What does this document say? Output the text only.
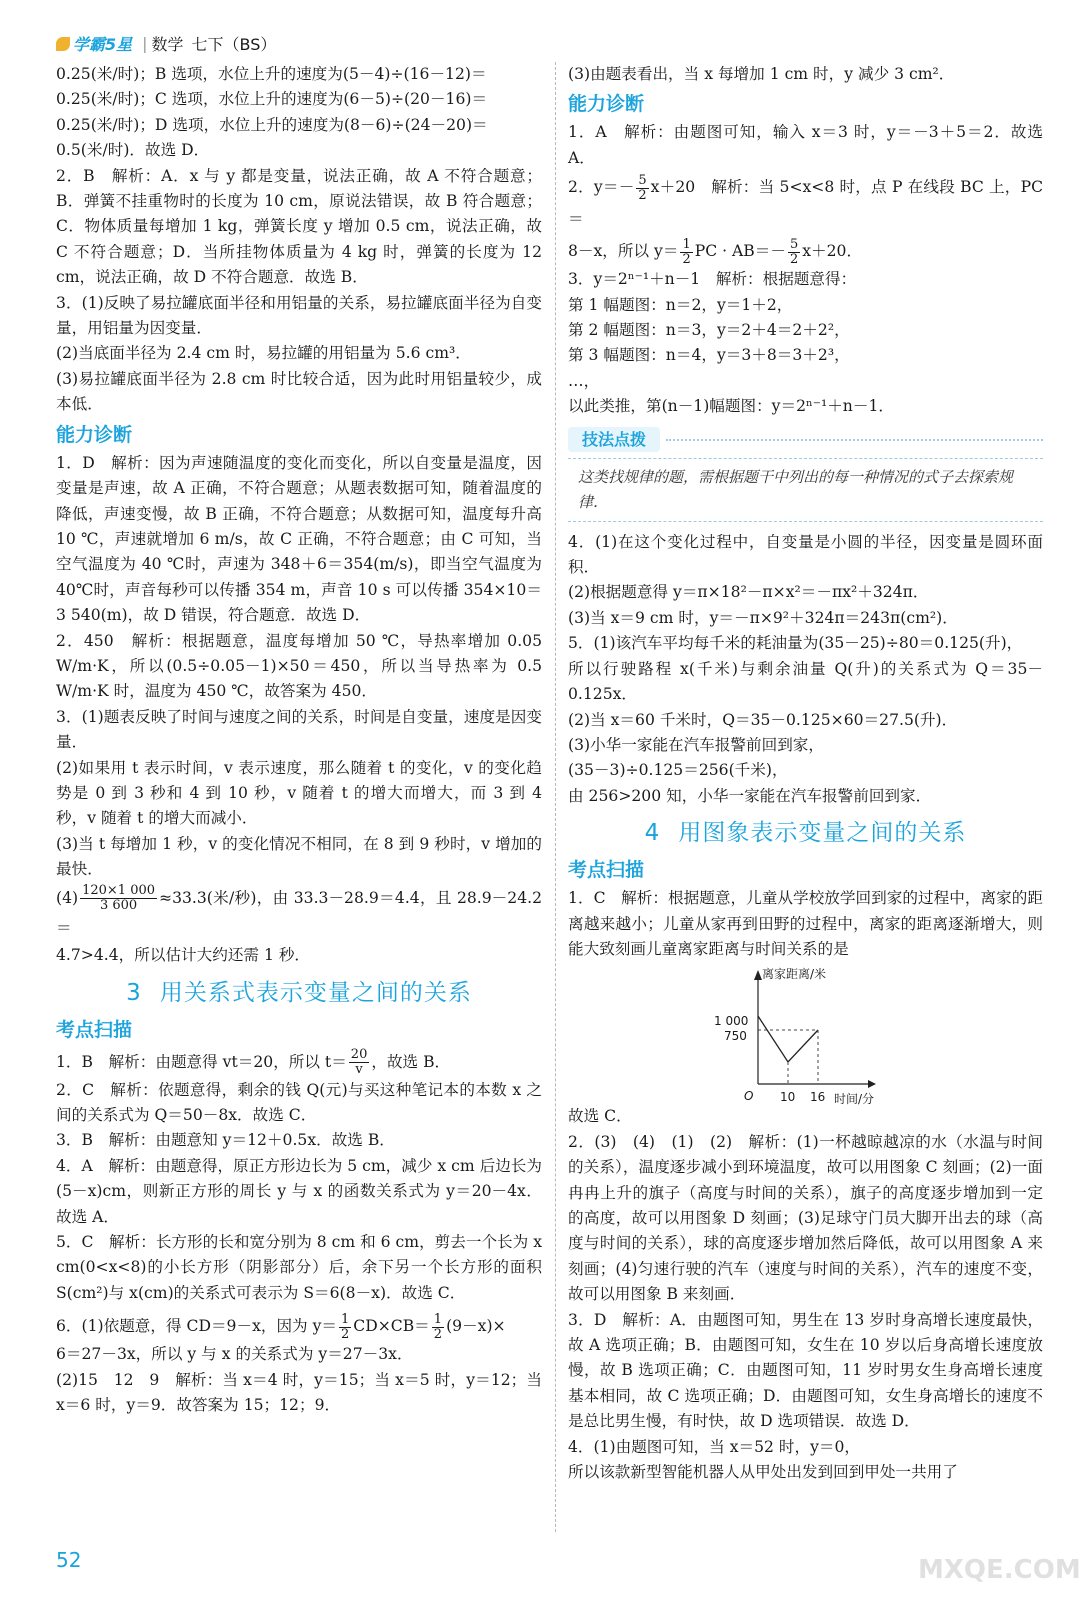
学霸5星 | 数学 七下（BS）

0.25(米/时)；B 选项，水位上升的速度为(5－4)÷(16－12)＝

0.25(米/时)；C 选项，水位上升的速度为(6－5)÷(20－16)＝

0.25(米/时)；D 选项，水位上升的速度为(8－6)÷(24－20)＝

0.5(米/时)．故选 D．

2．B　解析：A．x 与 y 都是变量，说法正确，故 A 不符合题意；B．弹簧不挂重物时的长度为 10 cm，原说法错误，故 B 符合题意；C．物体质量每增加 1 kg，弹簧长度 y 增加 0.5 cm，说法正确，故 C 不符合题意；D．当所挂物体质量为 4 kg 时，弹簧的长度为 12 cm，说法正确，故 D 不符合题意．故选 B．

3．(1)反映了易拉罐底面半径和用铝量的关系，易拉罐底面半径为自变量，用铝量为因变量．

(2)当底面半径为 2.4 cm 时，易拉罐的用铝量为 5.6 cm³．

(3)易拉罐底面半径为 2.8 cm 时比较合适，因为此时用铝量较少，成本低．

能力诊断

1．D　解析：因为声速随温度的变化而变化，所以自变量是温度，因变量是声速，故 A 正确，不符合题意；从题表数据可知，随着温度的降低，声速变慢，故 B 正确，不符合题意；从数据可知，温度每升高 10 ℃，声速就增加 6 m/s，故 C 正确，不符合题意；由 C 可知，当空气温度为 40 ℃时，声速为 348＋6＝354(m/s)，即当空气温度为 40℃时，声音每秒可以传播 354 m，声音 10 s 可以传播 354×10＝3 540(m)，故 D 错误，符合题意．故选 D．

2．450　解析：根据题意，温度每增加 50 ℃，导热率增加 0.05 W/m·K，所以(0.5÷0.05－1)×50＝450，所以当导热率为 0.5 W/m·K 时，温度为 450 ℃，故答案为 450．

3．(1)题表反映了时间与速度之间的关系，时间是自变量，速度是因变量．

(2)如果用 t 表示时间，v 表示速度，那么随着 t 的变化，v 的变化趋势是 0 到 3 秒和 4 到 10 秒，v 随着 t 的增大而增大，而 3 到 4 秒，v 随着 t 的增大而减小．

(3)当 t 每增加 1 秒，v 的变化情况不相同，在 8 到 9 秒时，v 增加的最快．

$(4) \frac{120\times 1 000}{3 600} \approx 33.3$(米/秒)，由 33.3－28.9＝4.4，且 28.9－24.2＝

4.7>4.4，所以估计大约还需 1 秒．

3 用关系式表示变量之间的关系
考点扫描

1．B　解析：由题意得 vt＝20，所以 $t= \frac{20}{v}$ ，故选 B．

2．C　解析：依题意得，剩余的钱 Q(元)与买这种笔记本的本数 x 之间的关系式为 Q＝50－8x．故选 C．

3．B　解析：由题意知 y＝12＋0.5x．故选 B．

4．A　解析：由题意得，原正方形边长为 5 cm，减少 x cm 后边长为(5－x)cm，则新正方形的周长 y 与 x 的函数关系式为 y＝20－4x．故选 A．

5．C　解析：长方形的长和宽分别为 8 cm 和 6 cm，剪去一个长为 x cm(0<x<8)的小长方形（阴影部分）后，余下另一个长方形的面积 S(cm²)与 x(cm)的关系式可表示为 S＝6(8－x)．故选 C．

6．(1)依题意，得 CD＝9－x，因为 $y= \frac{1}{2} CD\times CB= \frac{1}{2} (9-x)\times$

6＝27－3x，所以 y 与 x 的关系式为 y＝27－3x．

(2)15　12　9　解析：当 x＝4 时，y＝15；当 x＝5 时，y＝12；当 x＝6 时，y＝9．故答案为 15；12；9．

(3)由题表看出，当 x 每增加 1 cm 时，y 减少 3 cm²．

能力诊断

1．A　解析：由题图可知，输入 x＝3 时，y＝－3＋5＝2．故选 A．

2．$y=- \frac{5}{2} x+20$　解析：当 5<x<8 时，点 P 在线段 BC 上，PC＝

8－x，所以 $y= \frac{1}{2}$ PC · $AB=- \frac{5}{2} x+20$．

3．y＝2ⁿ⁻¹＋n－1　解析：根据题意得：

第 1 幅题图：n＝2，y＝1＋2，

第 2 幅题图：n＝3，y＝2＋4＝2＋2²，

第 3 幅题图：n＝4，y＝3＋8＝3＋2³，

…，

以此类推，第(n－1)幅题图：y＝2ⁿ⁻¹＋n－1．

技法点拨
这类找规律的题，需根据题干中列出的每一种情况的式子去探索规律．

4．(1)在这个变化过程中，自变量是小圆的半径，因变量是圆环面积．

(2)根据题意得 y＝π×18²－π×x²＝－πx²＋324π．

(3)当 x＝9 cm 时，y＝－π×9²＋324π＝243π(cm²)．

5．(1)该汽车平均每千米的耗油量为(35－25)÷80＝0.125(升)，

所以行驶路程 x(千米)与剩余油量 Q(升)的关系式为 Q＝35－0.125x．

(2)当 x＝60 千米时，Q＝35－0.125×60＝27.5(升)．

(3)小华一家能在汽车报警前回到家，

(35－3)÷0.125＝256(千米)，

由 256>200 知，小华一家能在汽车报警前回到家．

4 用图象表示变量之间的关系
考点扫描

1．C　解析：根据题意，儿童从学校放学回到家的过程中，离家的距离越来越小；儿童从家再到田野的过程中，离家的距离逐渐增大，则能大致刻画儿童离家距离与时间关系的是

离家距离/米
1 000
750
O 10 16 时间/分

故选 C．

2．(3)　(4)　(1)　(2)　解析：(1)一杯越晾越凉的水（水温与时间的关系），温度逐步减小到环境温度，故可以用图象 C 刻画；(2)一面冉冉上升的旗子（高度与时间的关系），旗子的高度逐步增加到一定的高度，故可以用图象 D 刻画；(3)足球守门员大脚开出去的球（高度与时间的关系），球的高度逐步增加然后降低，故可以用图象 A 来刻画；(4)匀速行驶的汽车（速度与时间的关系），汽车的速度不变，故可以用图象 B 来刻画．

3．D　解析：A．由题图可知，男生在 13 岁时身高增长速度最快，故 A 选项正确；B．由题图可知，女生在 10 岁以后身高增长速度放慢，故 B 选项正确；C．由题图可知，11 岁时男女生身高增长速度基本相同，故 C 选项正确；D．由题图可知，女生身高增长的速度不是总比男生慢，有时快，故 D 选项错误．故选 D．

4．(1)由题图可知，当 x＝52 时，y＝0，

所以该款新型智能机器人从甲处出发到回到甲处一共用了

52	MXQE.COM
